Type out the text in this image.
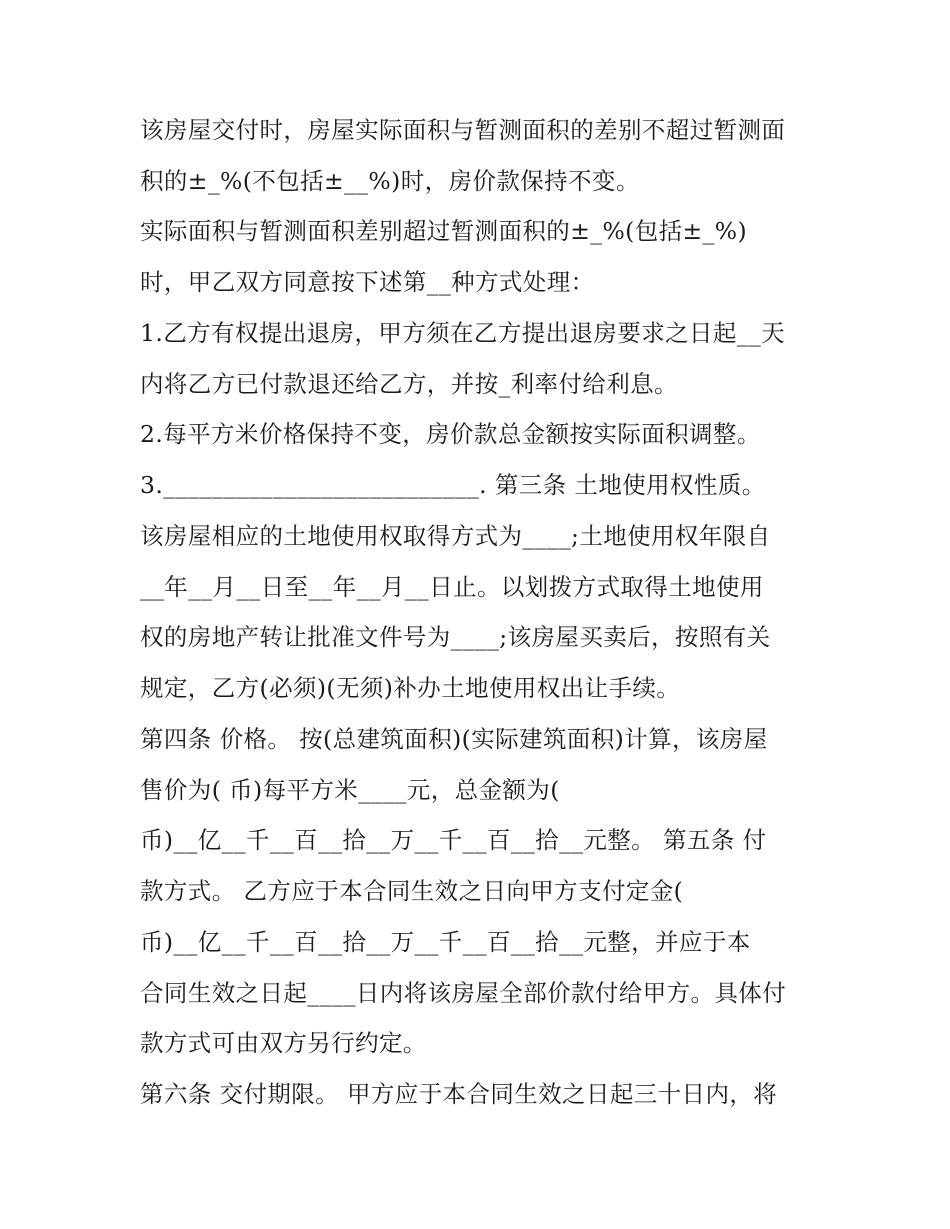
该房屋交付时，房屋实际面积与暂测面积的差别不超过暂测面
积的±_%(不包括±__%)时，房价款保持不变。
实际面积与暂测面积差别超过暂测面积的±_%(包括±_%)
时，甲乙双方同意按下述第__种方式处理：
1.乙方有权提出退房，甲方须在乙方提出退房要求之日起__天
内将乙方已付款退还给乙方，并按_利率付给利息。
2.每平方米价格保持不变，房价款总金额按实际面积调整。
3.__________________________. 第三条 土地使用权性质。
该房屋相应的土地使用权取得方式为____;土地使用权年限自
__年__月__日至__年__月__日止。以划拨方式取得土地使用
权的房地产转让批准文件号为____;该房屋买卖后，按照有关
规定，乙方(必须)(无须)补办土地使用权出让手续。
第四条 价格。 按(总建筑面积)(实际建筑面积)计算，该房屋
售价为( 币)每平方米____元，总金额为(
币)__亿__千__百__拾__万__千__百__拾__元整。 第五条 付
款方式。 乙方应于本合同生效之日向甲方支付定金(
币)__亿__千__百__拾__万__千__百__拾__元整，并应于本
合同生效之日起____日内将该房屋全部价款付给甲方。具体付
款方式可由双方另行约定。
第六条 交付期限。 甲方应于本合同生效之日起三十日内，将
